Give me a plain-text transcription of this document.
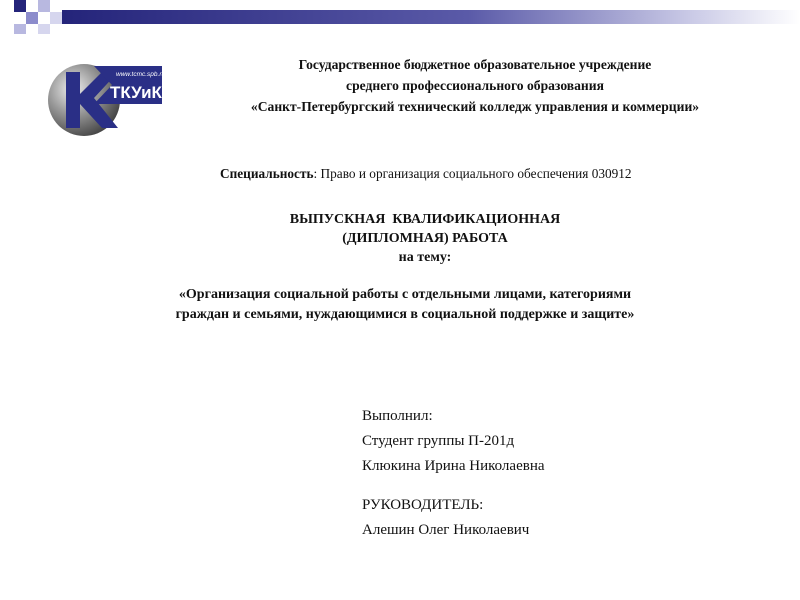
www.tcmc.spb.ru
ТКУиК
Государственное бюджетное образовательное учреждение
среднего профессионального образования
«Санкт-Петербургский технический колледж управления и коммерции»
Специальность: Право и организация социального обеспечения 030912
ВЫПУСКНАЯ  КВАЛИФИКАЦИОННАЯ
(ДИПЛОМНАЯ) РАБОТА
на тему:
«Организация социальной работы с отдельными лицами, категориями
граждан и семьями, нуждающимися в социальной поддержке и защите»
Выполнил:
Студент группы П-201д
Клюкина Ирина Николаевна
РУКОВОДИТЕЛЬ:
Алешин Олег Николаевич
